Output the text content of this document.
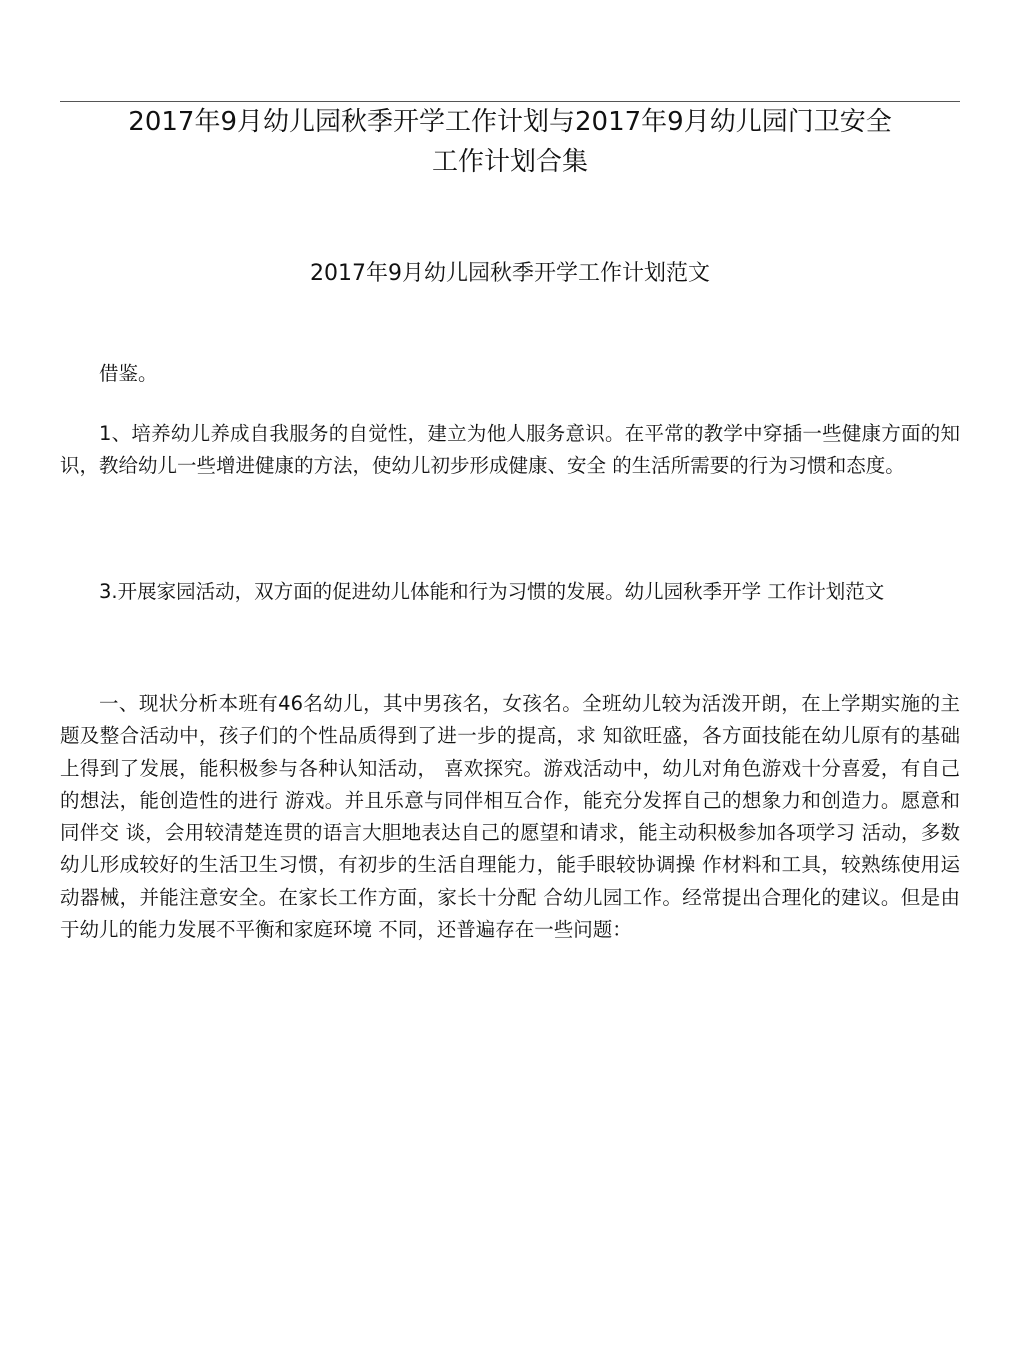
2017年9月幼儿园秋季开学工作计划与2017年9月幼儿园门卫安全
工作计划合集
2017年9月幼儿园秋季开学工作计划范文

借鉴。

1、培养幼儿养成自我服务的自觉性，建立为他人服务意识。在平常的教学中穿插一些健康方面的知识，教给幼儿一些增进健康的方法，使幼儿初步形成健康、安全 的生活所需要的行为习惯和态度。

3.开展家园活动，双方面的促进幼儿体能和行为习惯的发展。幼儿园秋季开学 工作计划范文

一、现状分析本班有46名幼儿，其中男孩名，女孩名。全班幼儿较为活泼开朗，在上学期实施的主题及整合活动中，孩子们的个性品质得到了进一步的提高，求 知欲旺盛，各方面技能在幼儿原有的基础上得到了发展，能积极参与各种认知活动， 喜欢探究。游戏活动中，幼儿对角色游戏十分喜爱，有自己的想法，能创造性的进行 游戏。并且乐意与同伴相互合作，能充分发挥自己的想象力和创造力。愿意和同伴交 谈，会用较清楚连贯的语言大胆地表达自己的愿望和请求，能主动积极参加各项学习 活动，多数幼儿形成较好的生活卫生习惯，有初步的生活自理能力，能手眼较协调操 作材料和工具，较熟练使用运动器械，并能注意安全。在家长工作方面，家长十分配 合幼儿园工作。经常提出合理化的建议。但是由于幼儿的能力发展不平衡和家庭环境 不同，还普遍存在一些问题：
